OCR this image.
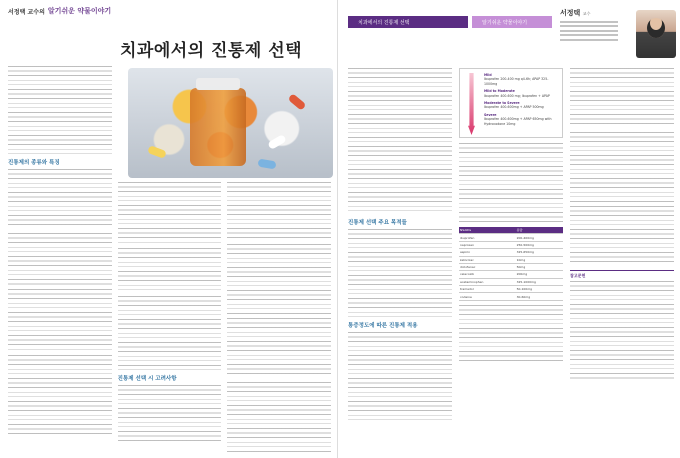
서정택 교수의 알기쉬운 약물이야기
치과에서의 진통제 선택

진통제의 종류와 특징

진통제 선택 시 고려사항

치과에서의 진통제 선택	알기쉬운 약물이야기
서정택 교수

진통제 선택 주요 목적들

통증정도에 따른 진통제 적용

Mild
Ibuprofen 200-400 mg q4-6h; APAP 325-1000mg
Mild to Moderate
Ibuprofen 400-600 mg; Ibuprofen + APAP
Moderate to Severe
Ibuprofen 400-600mg + APAP 500mg
Severe
Ibuprofen 400-600mg + APAP 650mg with Hydrocodone 10mg

NSAIDs	용량
ibuprofen	200-400mg
naproxen	250-500mg
aspirin	325-650mg
ketorolac	10mg
diclofenac	50mg
celecoxib	200mg
acetaminophen	325-1000mg
tramadol	50-100mg
codeine	30-60mg

참고문헌
